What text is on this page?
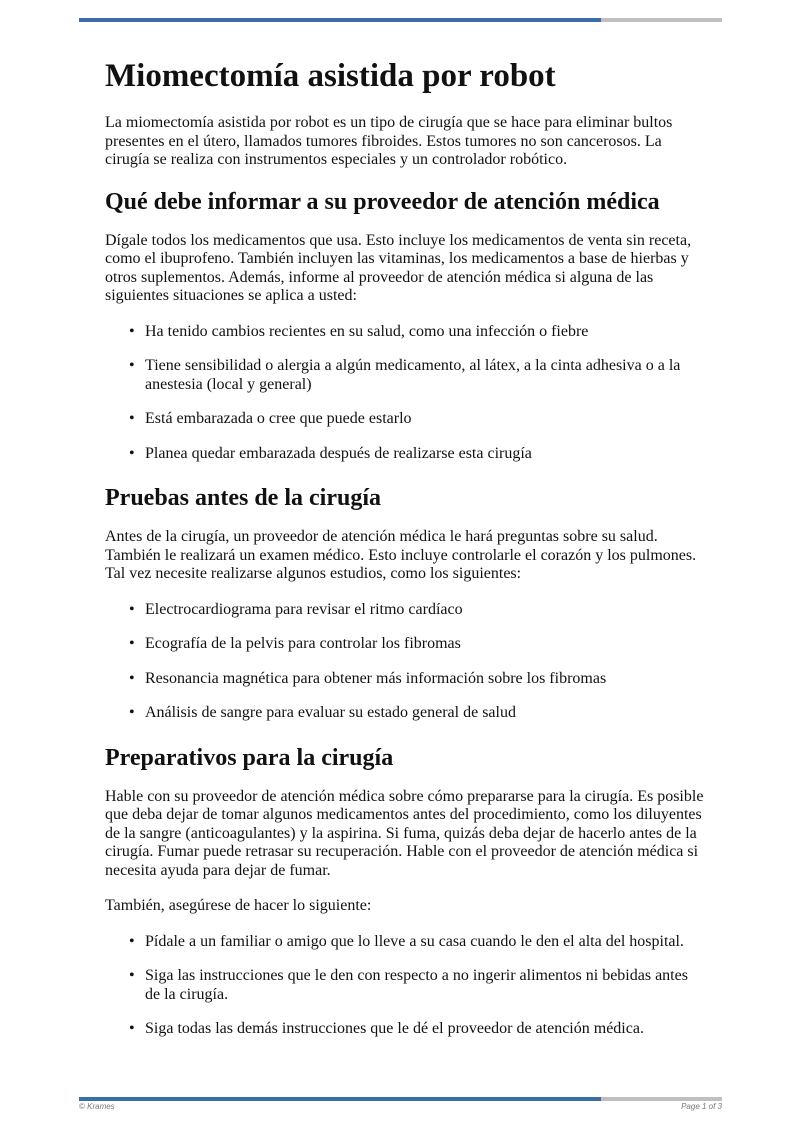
Miomectomía asistida por robot

La miomectomía asistida por robot es un tipo de cirugía que se hace para eliminar bultos presentes en el útero, llamados tumores fibroides. Estos tumores no son cancerosos. La cirugía se realiza con instrumentos especiales y un controlador robótico.

Qué debe informar a su proveedor de atención médica

Dígale todos los medicamentos que usa. Esto incluye los medicamentos de venta sin receta, como el ibuprofeno. También incluyen las vitaminas, los medicamentos a base de hierbas y otros suplementos. Además, informe al proveedor de atención médica si alguna de las siguientes situaciones se aplica a usted:

• Ha tenido cambios recientes en su salud, como una infección o fiebre
• Tiene sensibilidad o alergia a algún medicamento, al látex, a la cinta adhesiva o a la anestesia (local y general)
• Está embarazada o cree que puede estarlo
• Planea quedar embarazada después de realizarse esta cirugía
Pruebas antes de la cirugía

Antes de la cirugía, un proveedor de atención médica le hará preguntas sobre su salud. También le realizará un examen médico. Esto incluye controlarle el corazón y los pulmones. Tal vez necesite realizarse algunos estudios, como los siguientes:

• Electrocardiograma para revisar el ritmo cardíaco
• Ecografía de la pelvis para controlar los fibromas
• Resonancia magnética para obtener más información sobre los fibromas
• Análisis de sangre para evaluar su estado general de salud
Preparativos para la cirugía

Hable con su proveedor de atención médica sobre cómo prepararse para la cirugía. Es posible que deba dejar de tomar algunos medicamentos antes del procedimiento, como los diluyentes de la sangre (anticoagulantes) y la aspirina. Si fuma, quizás deba dejar de hacerlo antes de la cirugía. Fumar puede retrasar su recuperación. Hable con el proveedor de atención médica si necesita ayuda para dejar de fumar.

También, asegúrese de hacer lo siguiente:

• Pídale a un familiar o amigo que lo lleve a su casa cuando le den el alta del hospital.
• Siga las instrucciones que le den con respecto a no ingerir alimentos ni bebidas antes de la cirugía.
• Siga todas las demás instrucciones que le dé el proveedor de atención médica.
© Krames	Page 1 of 3
